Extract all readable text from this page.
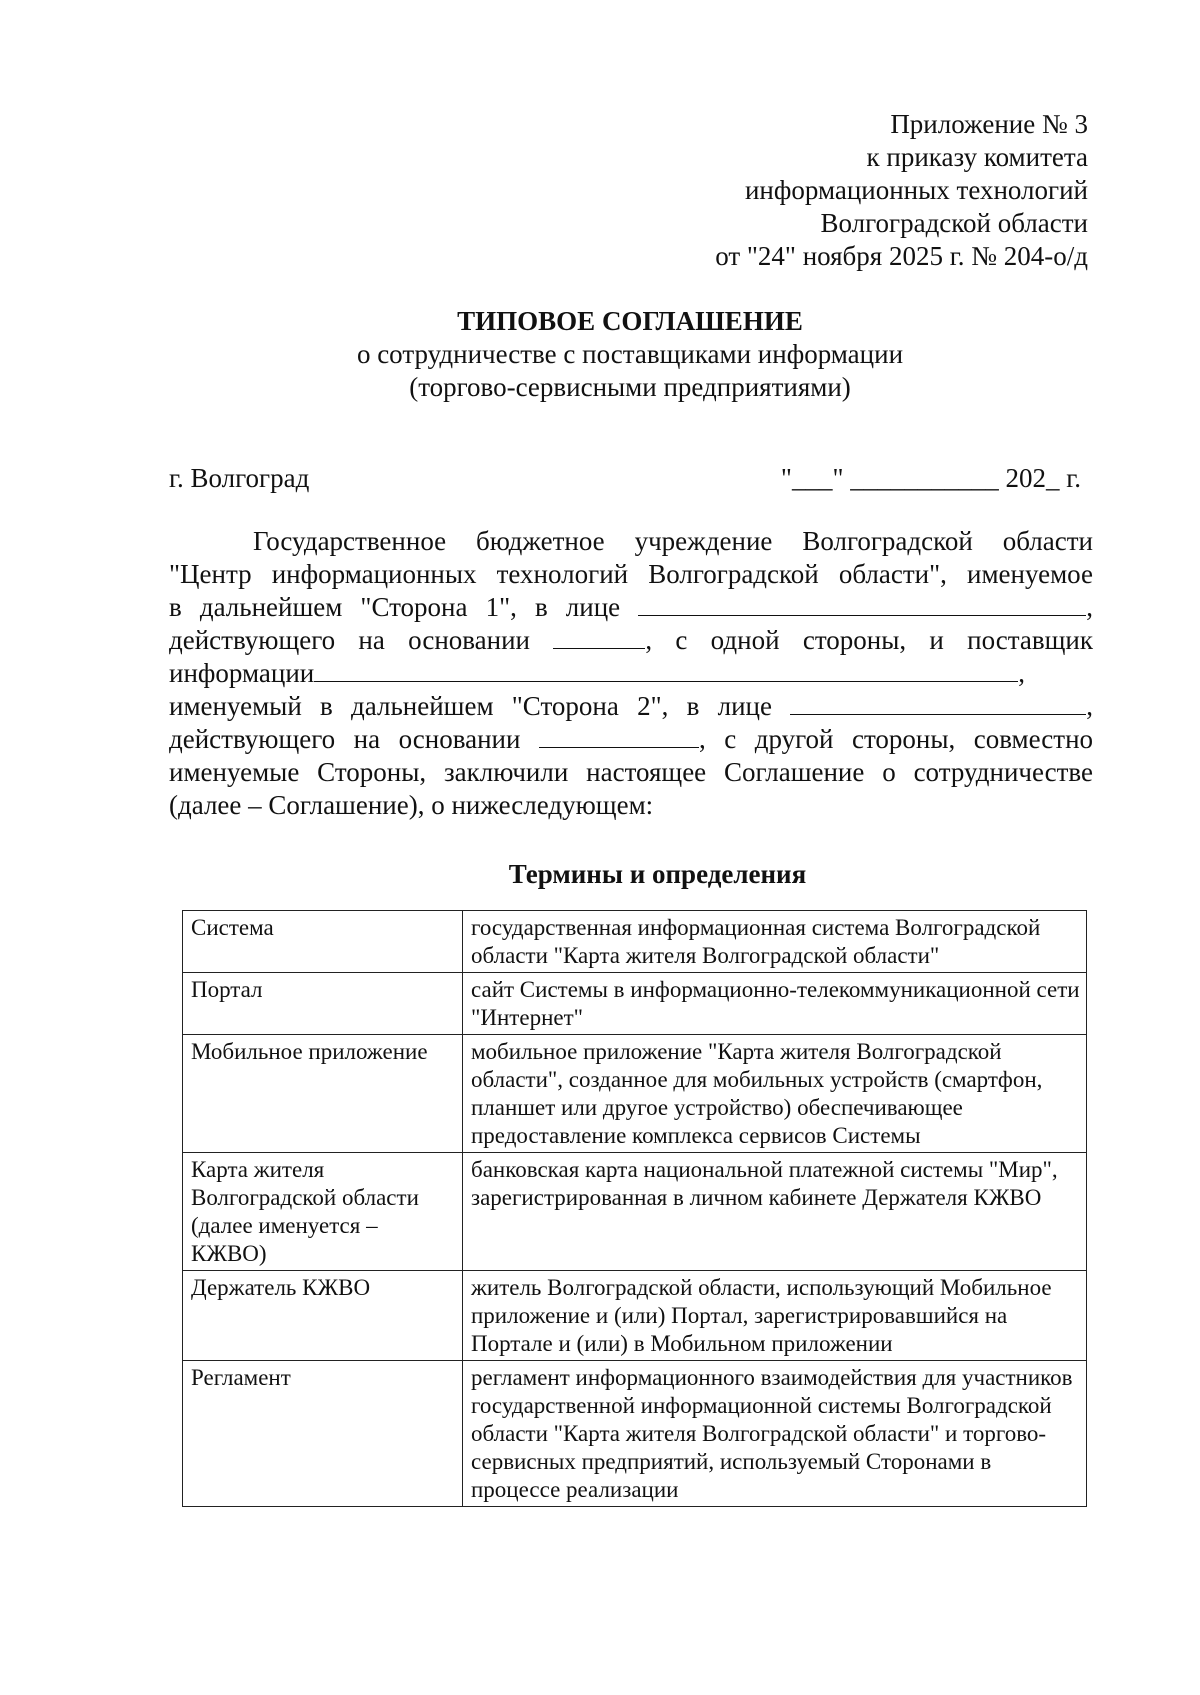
Приложение № 3
к приказу комитета
информационных технологий
Волгоградской области
от "24" ноября 2025 г. № 204-о/д
ТИПОВОЕ СОГЛАШЕНИЕ
о сотрудничестве с поставщиками информации
(торгово-сервисными предприятиями)
г. Волгоград	"___" ___________ 202_ г.
Государственное бюджетное учреждение Волгоградской области
"Центр информационных технологий Волгоградской области", именуемое
в дальнейшем "Сторона 1", в лице	,
действующего на основании	, с одной стороны, и поставщик
информации	,
именуемый в дальнейшем "Сторона 2", в лице	,
действующего на основании	, с другой стороны, совместно
именуемые Стороны, заключили настоящее Соглашение о сотрудничестве
(далее – Соглашение), о нижеследующем:
Термины и определения
Система	государственная информационная система Волгоградской области "Карта жителя Волгоградской области"
Портал	сайт Системы в информационно-телекоммуникационной сети "Интернет"
Мобильное приложение	мобильное приложение "Карта жителя Волгоградской области", созданное для мобильных устройств (смартфон, планшет или другое устройство) обеспечивающее предоставление комплекса сервисов Системы
Карта жителя Волгоградской области (далее именуется – КЖВО)	банковская карта национальной платежной системы "Мир", зарегистрированная в личном кабинете Держателя КЖВО
Держатель КЖВО	житель Волгоградской области, использующий Мобильное приложение и (или) Портал, зарегистрировавшийся на Портале и (или) в Мобильном приложении
Регламент	регламент информационного взаимодействия для участников государственной информационной системы Волгоградской области "Карта жителя Волгоградской области" и торгово-сервисных предприятий, используемый Сторонами в процессе реализации
